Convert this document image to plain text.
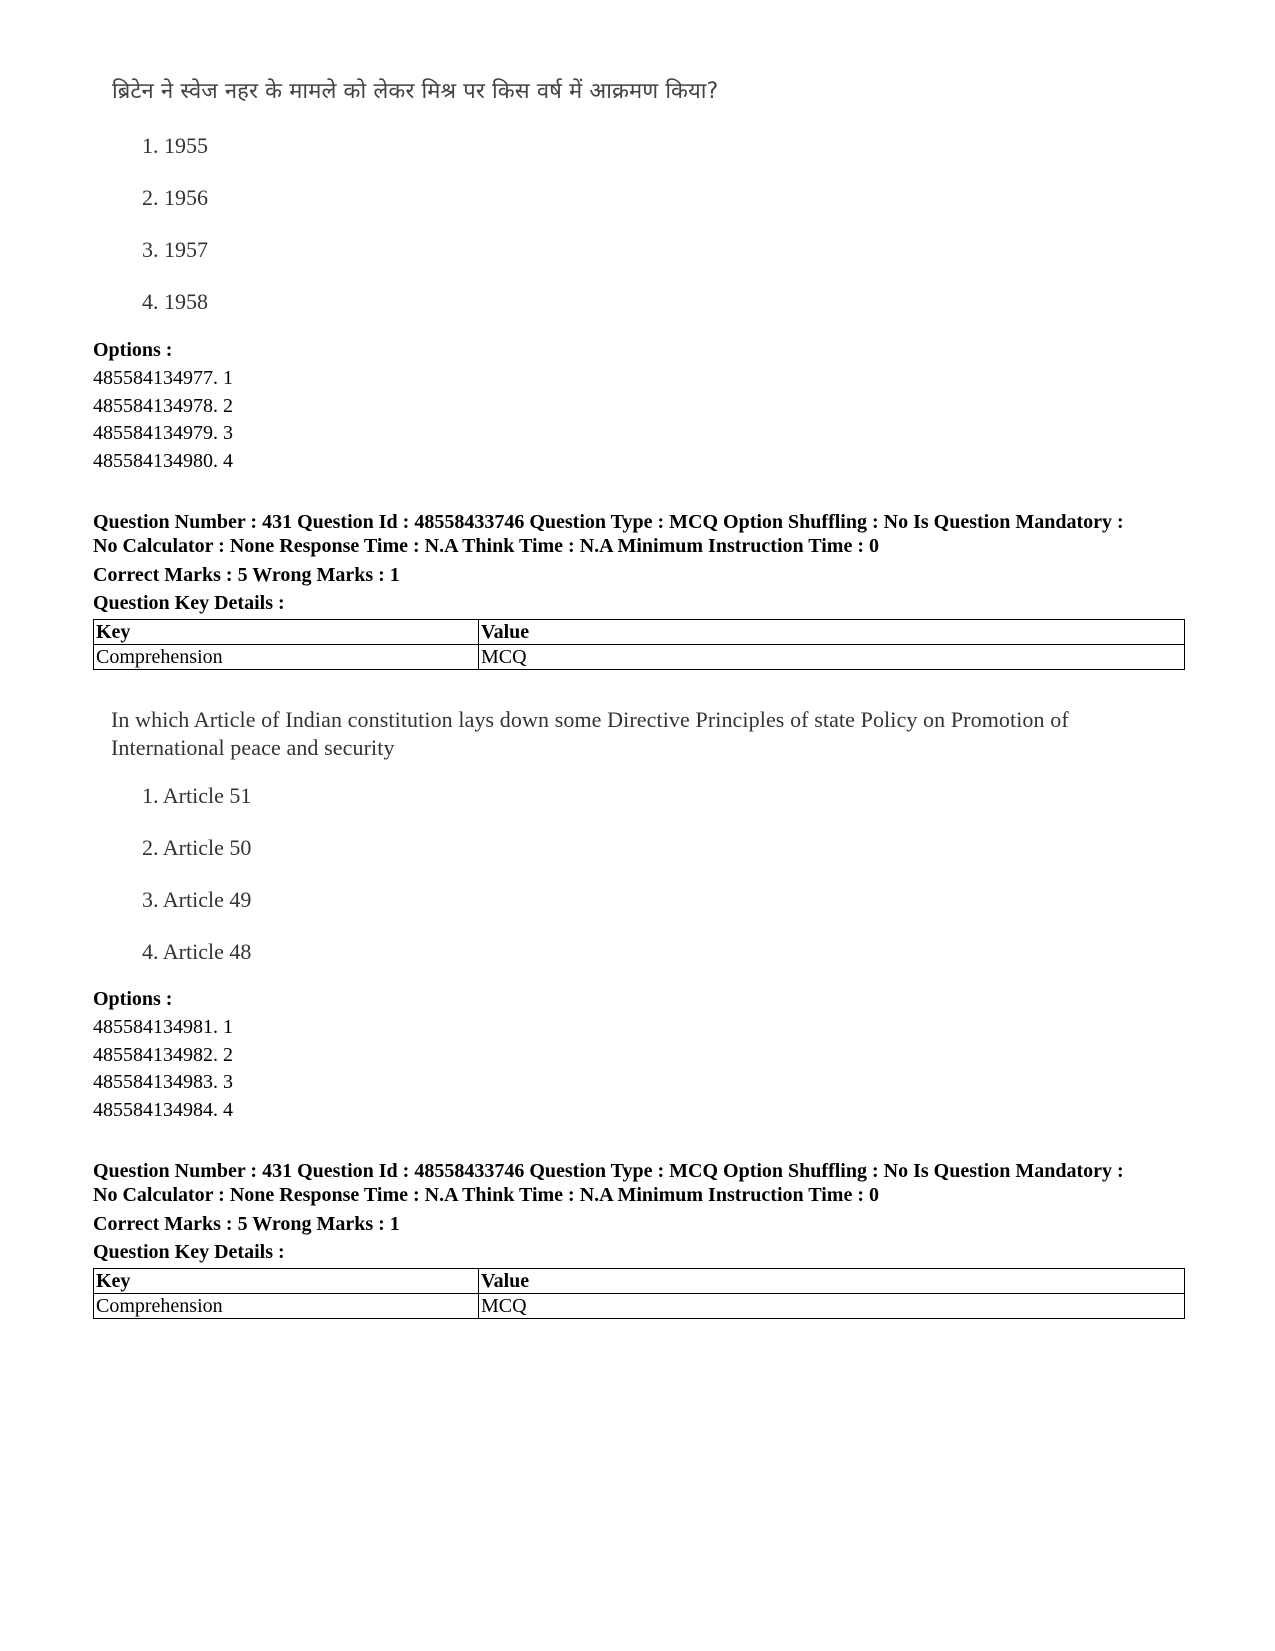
ब्रिटेन ने स्वेज नहर के मामले को लेकर मिश्र पर किस वर्ष में आक्रमण किया?
1. 1955
2. 1956
3. 1957
4. 1958
Options :
485584134977. 1
485584134978. 2
485584134979. 3
485584134980. 4
Question Number : 431 Question Id : 48558433746 Question Type : MCQ Option Shuffling : No Is Question Mandatory :
No Calculator : None Response Time : N.A Think Time : N.A Minimum Instruction Time : 0
Correct Marks : 5 Wrong Marks : 1
Question Key Details :
Key	Value
Comprehension	MCQ
In which Article of Indian constitution lays down some Directive Principles of state Policy on Promotion of International peace and security
1. Article 51
2. Article 50
3. Article 49
4. Article 48
Options :
485584134981. 1
485584134982. 2
485584134983. 3
485584134984. 4
Question Number : 431 Question Id : 48558433746 Question Type : MCQ Option Shuffling : No Is Question Mandatory :
No Calculator : None Response Time : N.A Think Time : N.A Minimum Instruction Time : 0
Correct Marks : 5 Wrong Marks : 1
Question Key Details :
Key	Value
Comprehension	MCQ
